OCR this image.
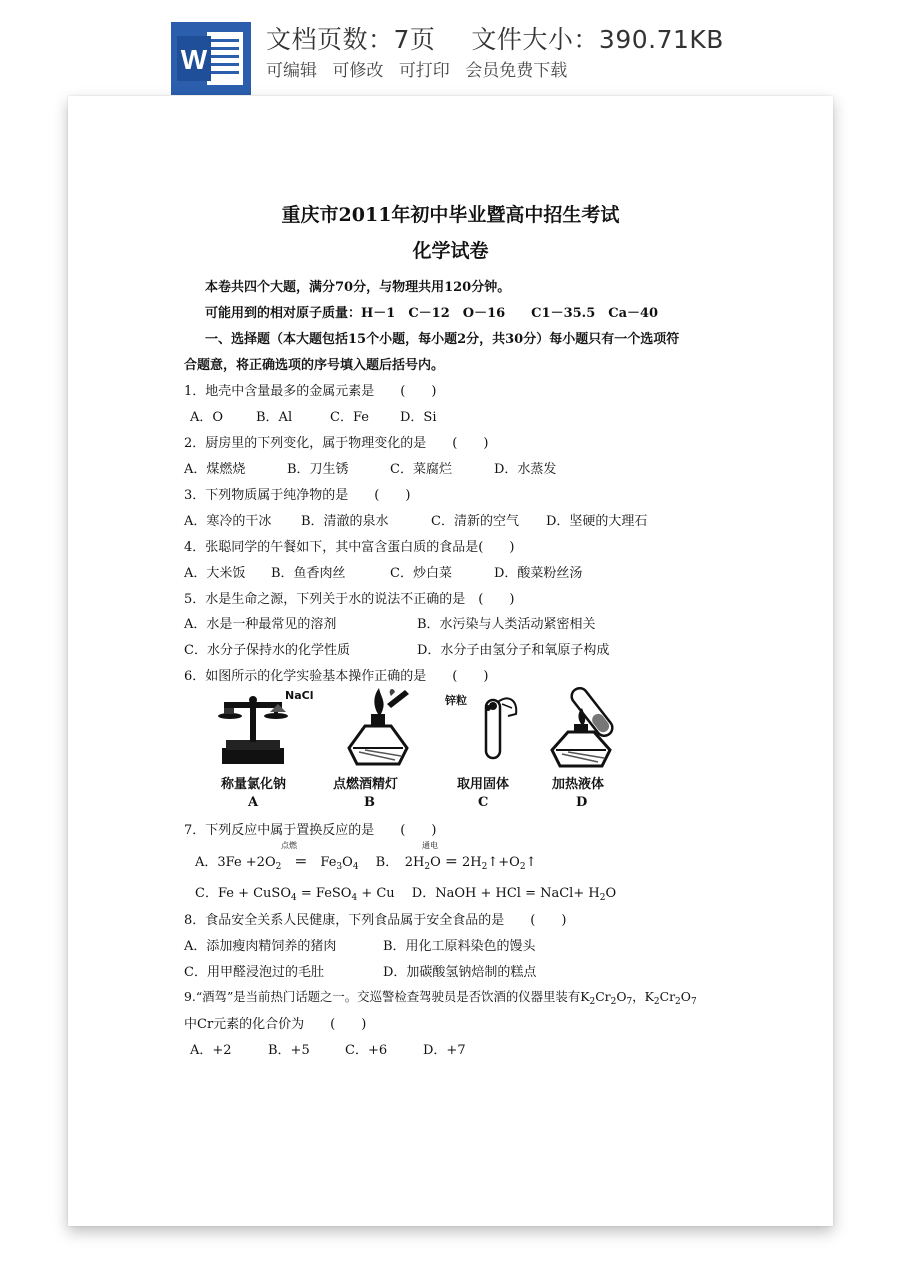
W
文档页数：7页 文件大小：390.71KB
可编辑 可修改 可打印 会员免费下载
重庆市2011年初中毕业暨高中招生考试
化学试卷
本卷共四个大题，满分70分，与物理共用120分钟。
可能用到的相对原子质量：H－1　C－12　O－16　　C1－35.5　Ca－40
一、选择题（本大题包括15个小题，每小题2分，共30分）每小题只有一个选项符
合题意，将正确选项的序号填入题后括号内。
1．地壳中含量最多的金属元素是　　(　　)
A．O	B．Al	C．Fe D．Si
2．厨房里的下列变化，属于物理变化的是　　(　　)
A．煤燃烧	B．刀生锈	C．菜腐烂	D．水蒸发
3．下列物质属于纯净物的是　　(　　)
A．寒冷的干冰 B．清澈的泉水	C．清新的空气 D．坚硬的大理石
4．张聪同学的午餐如下，其中富含蛋白质的食品是(　　)
A．大米饭 B．鱼香肉丝	C．炒白菜	D．酸菜粉丝汤
5．水是生命之源，下列关于水的说法不正确的是　(　　)
A．水是一种最常见的溶剂	B．水污染与人类活动紧密相关
C．水分子保持水的化学性质	D．水分子由氢分子和氧原子构成
6．如图所示的化学实验基本操作正确的是　　(　　)
NaCl	锌粒
称量氯化钠	点燃酒精灯	取用固体	加热液体
A	B	C	D
7．下列反应中属于置换反应的是　　(　　)
点燃	通电
A．$3Fe +2O_2$　 ＝　$Fe_3O_4$　 B．　$2H_2O$ ＝ $2H_2↑+O_2↑$
C．Fe + CuSO$_4$ = FeSO$_4$ + Cu　 D．NaOH + HCl = NaCl+ $H_2O$
8．食品安全关系人民健康，下列食品属于安全食品的是　　(　　)
A．添加瘦肉精饲养的猪肉	B．用化工原料染色的馒头
C．用甲醛浸泡过的毛肚	D．加碳酸氢钠焙制的糕点
9.“酒驾”是当前热门话题之一。交巡警检查驾驶员是否饮酒的仪器里装有$K_2Cr_2O_7$，$K_2Cr_2O_7$
中Cr元素的化合价为　　(　　)
A．+2	B．+5	C．+6	D．+7
